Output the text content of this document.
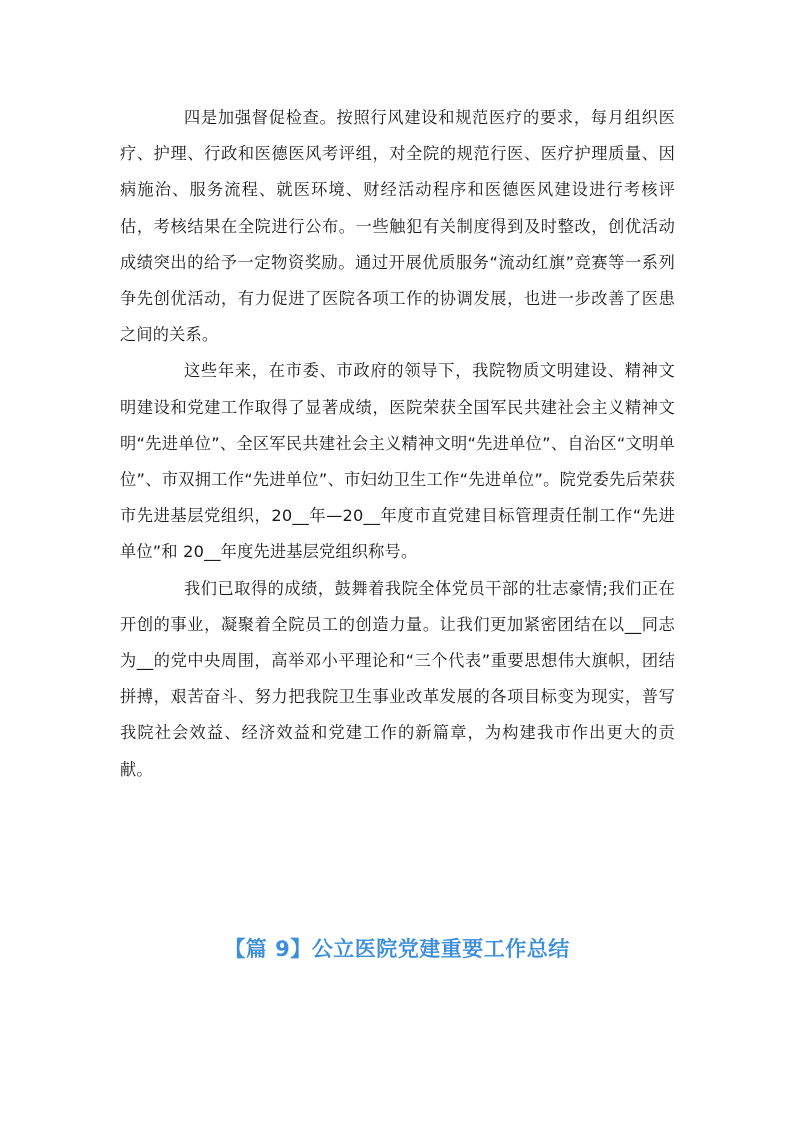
四是加强督促检查。按照行风建设和规范医疗的要求，每月组织医疗、护理、行政和医德医风考评组，对全院的规范行医、医疗护理质量、因病施治、服务流程、就医环境、财经活动程序和医德医风建设进行考核评估，考核结果在全院进行公布。一些触犯有关制度得到及时整改，创优活动成绩突出的给予一定物资奖励。通过开展优质服务“流动红旗”竞赛等一系列争先创优活动，有力促进了医院各项工作的协调发展，也进一步改善了医患之间的关系。

这些年来，在市委、市政府的领导下，我院物质文明建设、精神文明建设和党建工作取得了显著成绩，医院荣获全国军民共建社会主义精神文明“先进单位”、全区军民共建社会主义精神文明“先进单位”、自治区“文明单位”、市双拥工作“先进单位”、市妇幼卫生工作“先进单位”。院党委先后荣获市先进基层党组织，20__年—20__年度市直党建目标管理责任制工作“先进单位”和 20__年度先进基层党组织称号。

我们已取得的成绩，鼓舞着我院全体党员干部的壮志豪情;我们正在开创的事业，凝聚着全院员工的创造力量。让我们更加紧密团结在以__同志为__的党中央周围，高举邓小平理论和“三个代表”重要思想伟大旗帜，团结拼搏，艰苦奋斗、努力把我院卫生事业改革发展的各项目标变为现实，普写我院社会效益、经济效益和党建工作的新篇章，为构建我市作出更大的贡献。

【篇 9】公立医院党建重要工作总结
